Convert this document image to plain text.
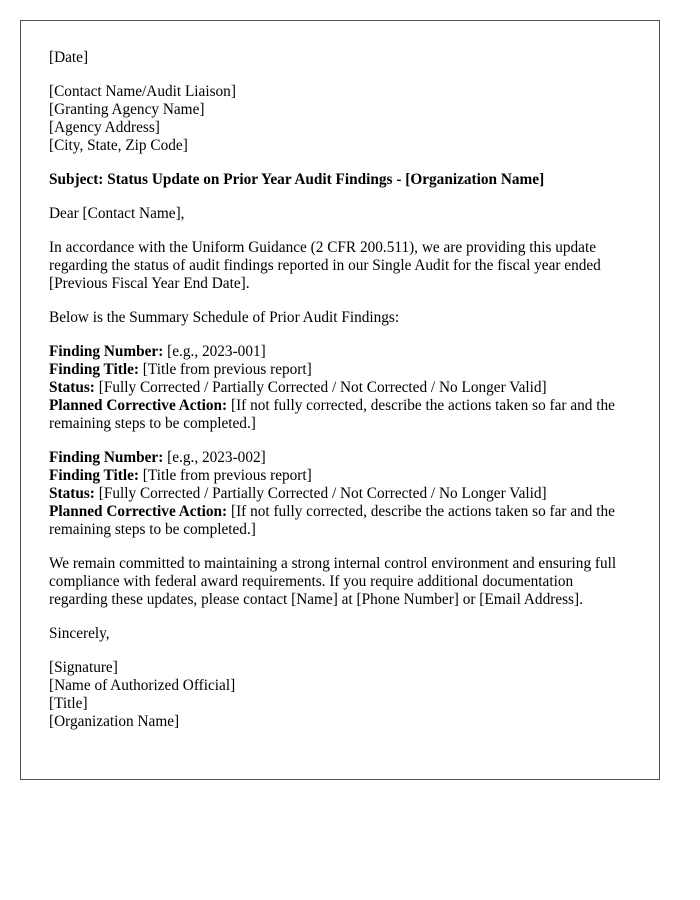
[Date]
[Contact Name/Audit Liaison]
[Granting Agency Name]
[Agency Address]
[City, State, Zip Code]
Subject: Status Update on Prior Year Audit Findings - [Organization Name]
Dear [Contact Name],

In accordance with the Uniform Guidance (2 CFR 200.511), we are providing this update regarding the status of audit findings reported in our Single Audit for the fiscal year ended [Previous Fiscal Year End Date].

Below is the Summary Schedule of Prior Audit Findings:

Finding Number: [e.g., 2023-001]
Finding Title: [Title from previous report]
Status: [Fully Corrected / Partially Corrected / Not Corrected / No Longer Valid]
Planned Corrective Action: [If not fully corrected, describe the actions taken so far and the remaining steps to be completed.]
Finding Number: [e.g., 2023-002]
Finding Title: [Title from previous report]
Status: [Fully Corrected / Partially Corrected / Not Corrected / No Longer Valid]
Planned Corrective Action: [If not fully corrected, describe the actions taken so far and the remaining steps to be completed.]

We remain committed to maintaining a strong internal control environment and ensuring full compliance with federal award requirements. If you require additional documentation regarding these updates, please contact [Name] at [Phone Number] or [Email Address].

Sincerely,
[Signature]
[Name of Authorized Official]
[Title]
[Organization Name]
